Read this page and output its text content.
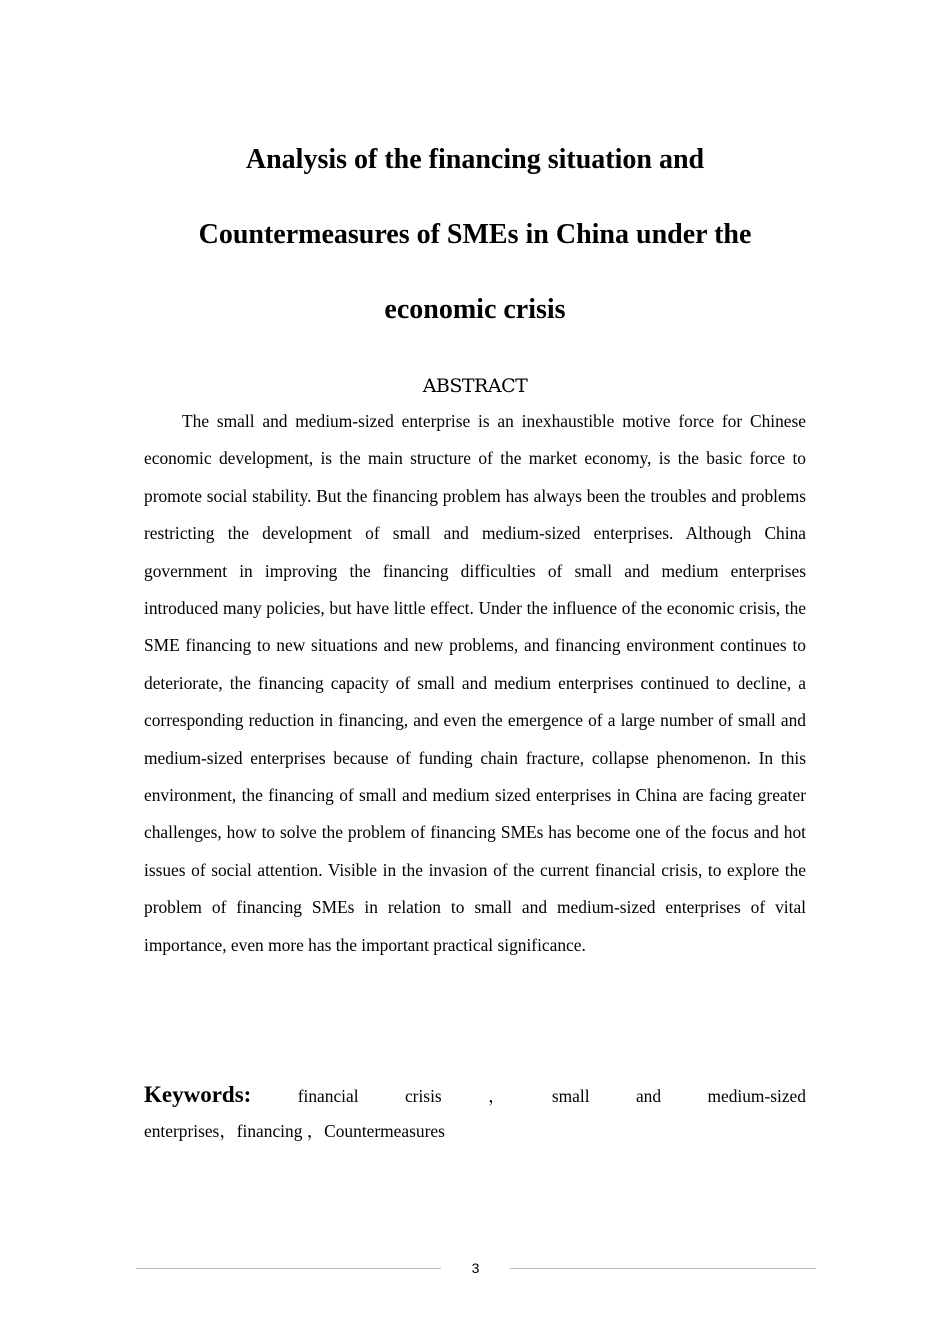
Analysis of the financing situation and
Countermeasures of SMEs in China under the
economic crisis
ABSTRACT

The small and medium-sized enterprise is an inexhaustible motive force for Chinese economic development, is the main structure of the market economy, is the basic force to promote social stability. But the financing problem has always been the troubles and problems restricting the development of small and medium-sized enterprises. Although China government in improving the financing difficulties of small and medium enterprises introduced many policies, but have little effect. Under the influence of the economic crisis, the SME financing to new situations and new problems, and financing environment continues to deteriorate, the financing capacity of small and medium enterprises continued to decline, a corresponding reduction in financing, and even the emergence of a large number of small and medium-sized enterprises because of funding chain fracture, collapse phenomenon. In this environment, the financing of small and medium sized enterprises in China are facing greater challenges, how to solve the problem of financing SMEs has become one of the focus and hot issues of social attention. Visible in the invasion of the current financial crisis, to explore the problem of financing SMEs in relation to small and medium-sized enterprises of vital importance, even more has the important practical significance.

Keywords:	financial	crisis	，	small	and	medium-sized
enterprises，financing ，Countermeasures
3
